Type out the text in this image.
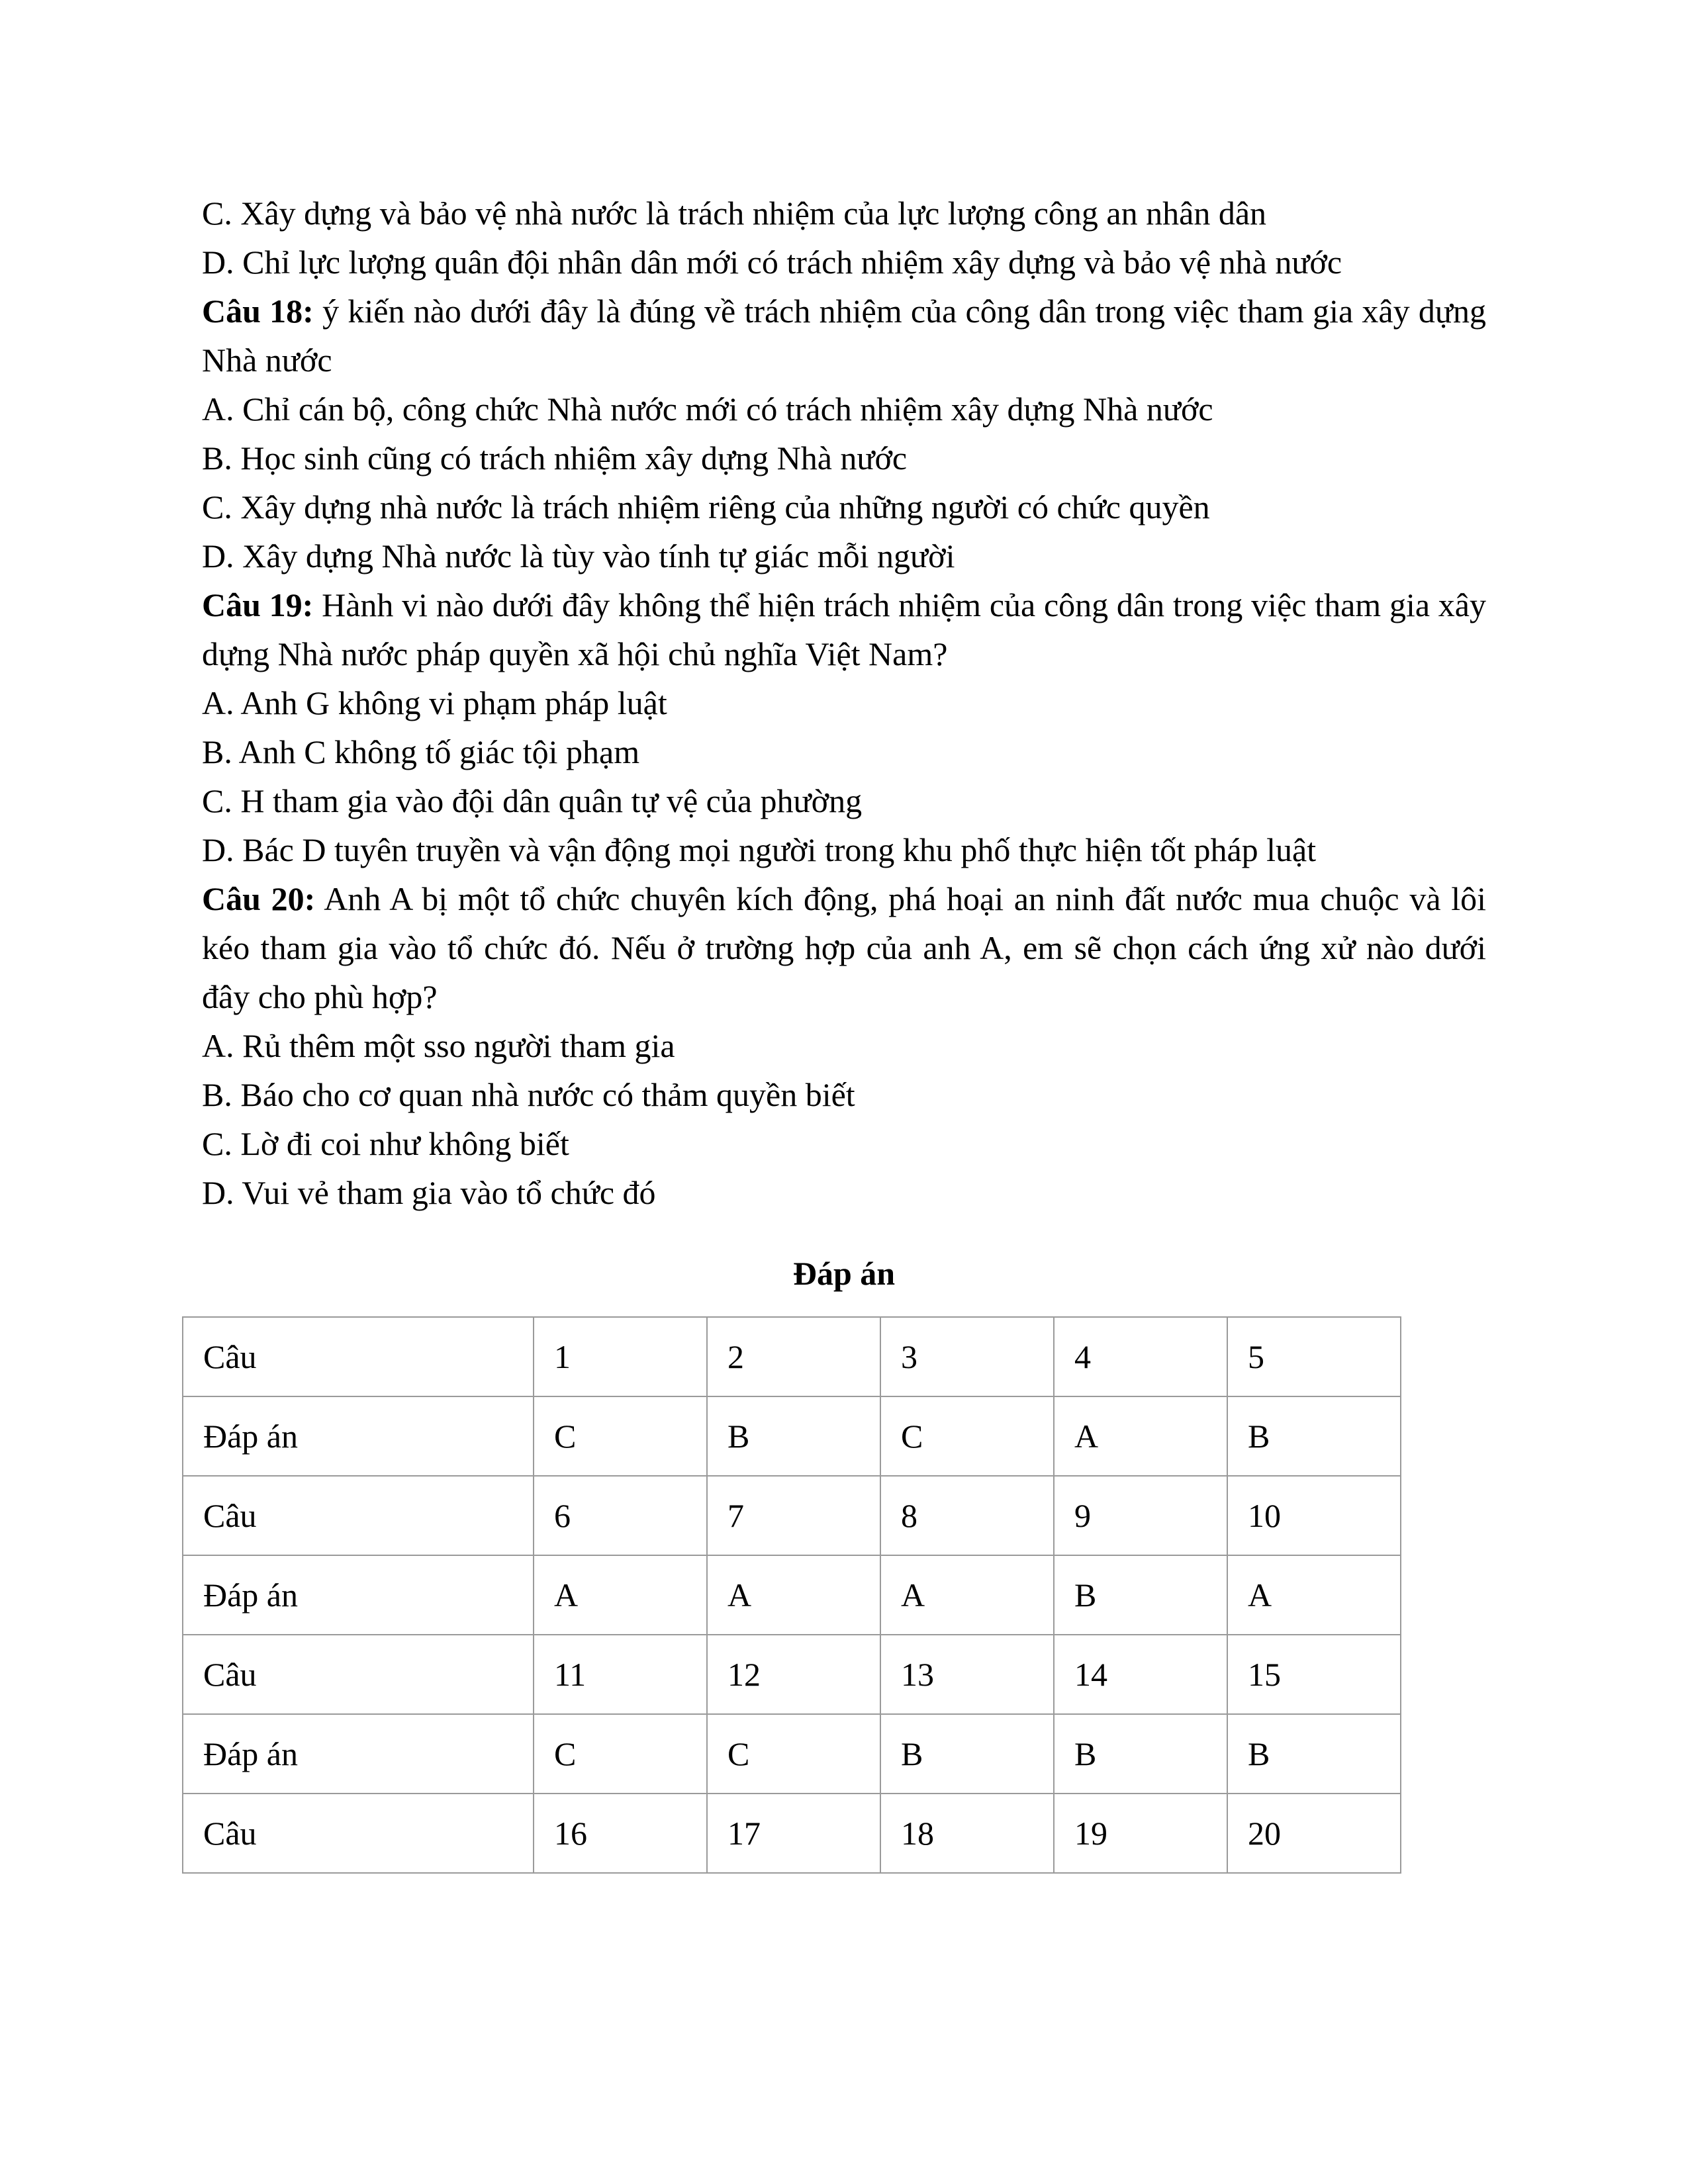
C. Xây dựng và bảo vệ nhà nước là trách nhiệm của lực lượng công an nhân dân

D. Chỉ lực lượng quân đội nhân dân mới có trách nhiệm xây dựng và bảo vệ nhà nước

Câu 18: ý kiến nào dưới đây là đúng về trách nhiệm của công dân trong việc tham gia xây dựng Nhà nước

A. Chỉ cán bộ, công chức Nhà nước mới có trách nhiệm xây dựng Nhà nước

B. Học sinh cũng có trách nhiệm xây dựng Nhà nước

C. Xây dựng nhà nước là trách nhiệm riêng của những người có chức quyền

D. Xây dựng Nhà nước là tùy vào tính tự giác mỗi người

Câu 19: Hành vi nào dưới đây không thể hiện trách nhiệm của công dân trong việc tham gia xây dựng Nhà nước pháp quyền xã hội chủ nghĩa Việt Nam?

A. Anh G không vi phạm pháp luật

B. Anh C không tố giác tội phạm

C. H tham gia vào đội dân quân tự vệ của phường

D. Bác D tuyên truyền và vận động mọi người trong khu phố thực hiện tốt pháp luật

Câu 20: Anh A bị một tổ chức chuyên kích động, phá hoại an ninh đất nước mua chuộc và lôi kéo tham gia vào tổ chức đó. Nếu ở trường hợp của anh A, em sẽ chọn cách ứng xử nào dưới đây cho phù hợp?

A. Rủ thêm một sso người tham gia

B. Báo cho cơ quan nhà nước có thảm quyền biết

C. Lờ đi coi như không biết

D. Vui vẻ tham gia vào tổ chức đó

Đáp án
Câu	1	2	3	4	5
Đáp án	C	B	C	A	B
Câu	6	7	8	9	10
Đáp án	A	A	A	B	A
Câu	11	12	13	14	15
Đáp án	C	C	B	B	B
Câu	16	17	18	19	20
